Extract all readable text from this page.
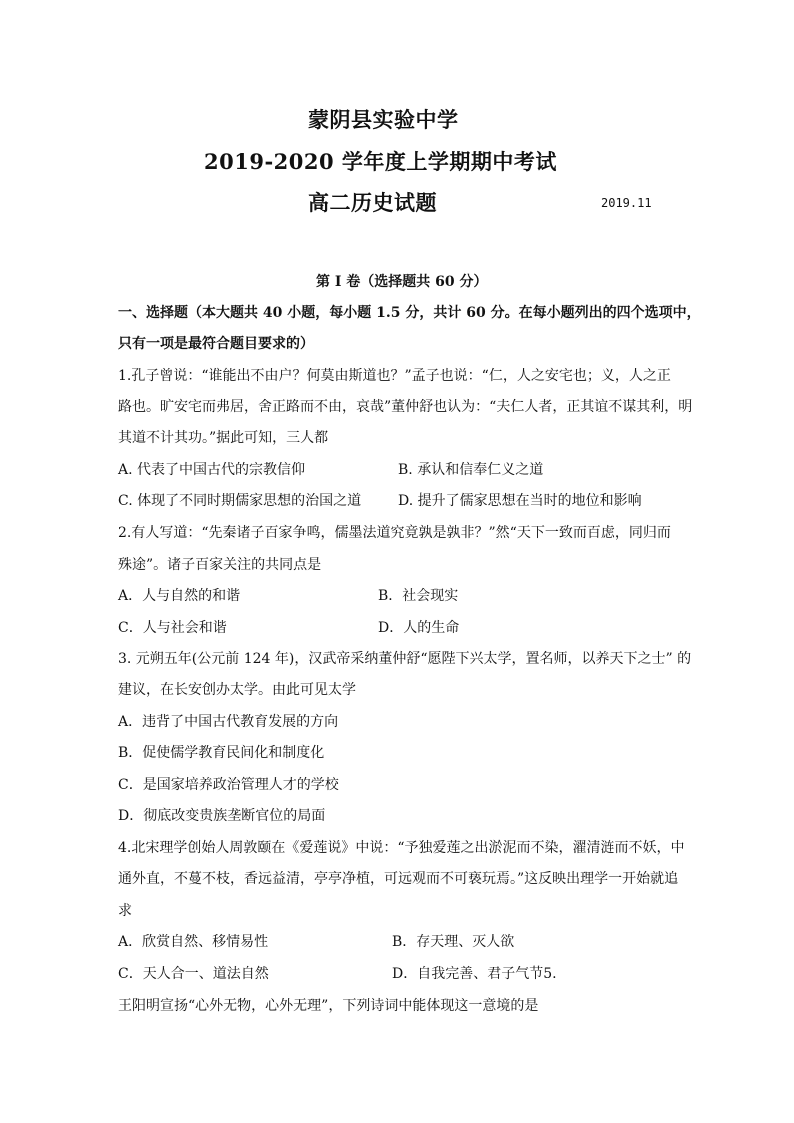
蒙阴县实验中学
2019-2020 学年度上学期期中考试
高二历史试题	2019.11
第 I 卷（选择题共 60 分）
一、选择题（本大题共 40 小题，每小题 1.5 分，共计 60 分。在每小题列出的四个选项中，
只有一项是最符合题目要求的）
1.孔子曾说：“谁能出不由户？何莫由斯道也？”孟子也说：“仁，人之安宅也；义，人之正
路也。旷安宅而弗居，舍正路而不由，哀哉”董仲舒也认为：“夫仁人者，正其谊不谋其利，明
其道不计其功。”据此可知，三人都
A. 代表了中国古代的宗教信仰	B. 承认和信奉仁义之道
C. 体现了不同时期儒家思想的治国之道	D. 提升了儒家思想在当时的地位和影响
2.有人写道：“先秦诸子百家争鸣，儒墨法道究竟孰是孰非？”然“天下一致而百虑，同归而
殊途”。诸子百家关注的共同点是
A．人与自然的和谐	B．社会现实
C．人与社会和谐	D．人的生命
3. 元朔五年(公元前 124 年)，汉武帝采纳董仲舒“愿陛下兴太学，置名师，以养天下之士” 的
建议，在长安创办太学。由此可见太学
A．违背了中国古代教育发展的方向
B．促使儒学教育民间化和制度化
C．是国家培养政治管理人才的学校
D．彻底改变贵族垄断官位的局面
4.北宋理学创始人周敦颐在《爱莲说》中说：“予独爱莲之出淤泥而不染，濯清涟而不妖，中
通外直，不蔓不枝，香远益清，亭亭净植，可远观而不可亵玩焉。”这反映出理学一开始就追
求
A．欣赏自然、移情易性	B．存天理、灭人欲
C．天人合一、道法自然	D．自我完善、君子气节5.
王阳明宣扬“心外无物，心外无理”，下列诗词中能体现这一意境的是
